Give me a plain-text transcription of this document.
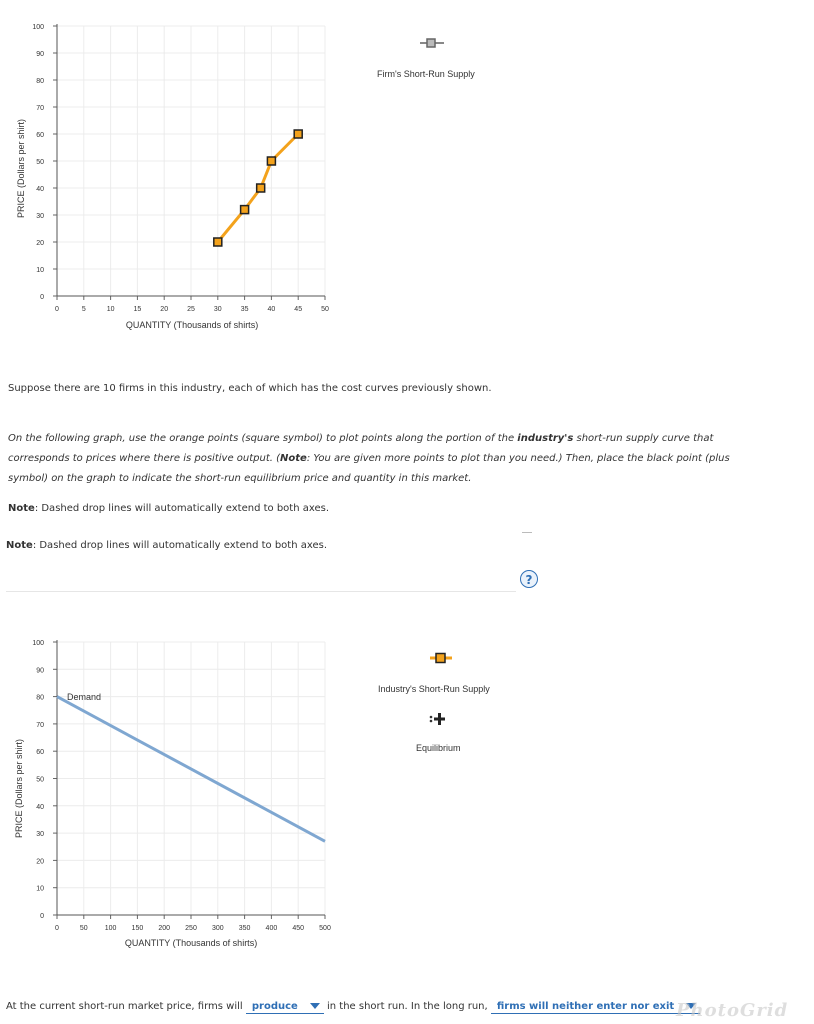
0
10
20
30
40
50
60
70
80
90
100
0	5	10	15	20	25	30	35	40	45	50
QUANTITY (Thousands of shirts)
PRICE (Dollars per shirt)
Firm's Short-Run Supply
Suppose there are 10 firms in this industry, each of which has the cost curves previously shown.
On the following graph, use the orange points (square symbol) to plot points along the portion of the industry's short-run supply curve that corresponds to prices where there is positive output. (Note: You are given more points to plot than you need.) Then, place the black point (plus symbol) on the graph to indicate the short-run equilibrium price and quantity in this market.
Note: Dashed drop lines will automatically extend to both axes.
Note: Dashed drop lines will automatically extend to both axes.
?
0
10
20
30
40
50
60
70
80
90
100
0	50 100 150 200 250 300 350 400 450 500
Demand
QUANTITY (Thousands of shirts)
PRICE (Dollars per shirt)
Industry's Short-Run Supply
Equilibrium
At the current short-run market price, firms will produce	in the short run. In the long run, firms will neither enter nor exit PhotoGrid
